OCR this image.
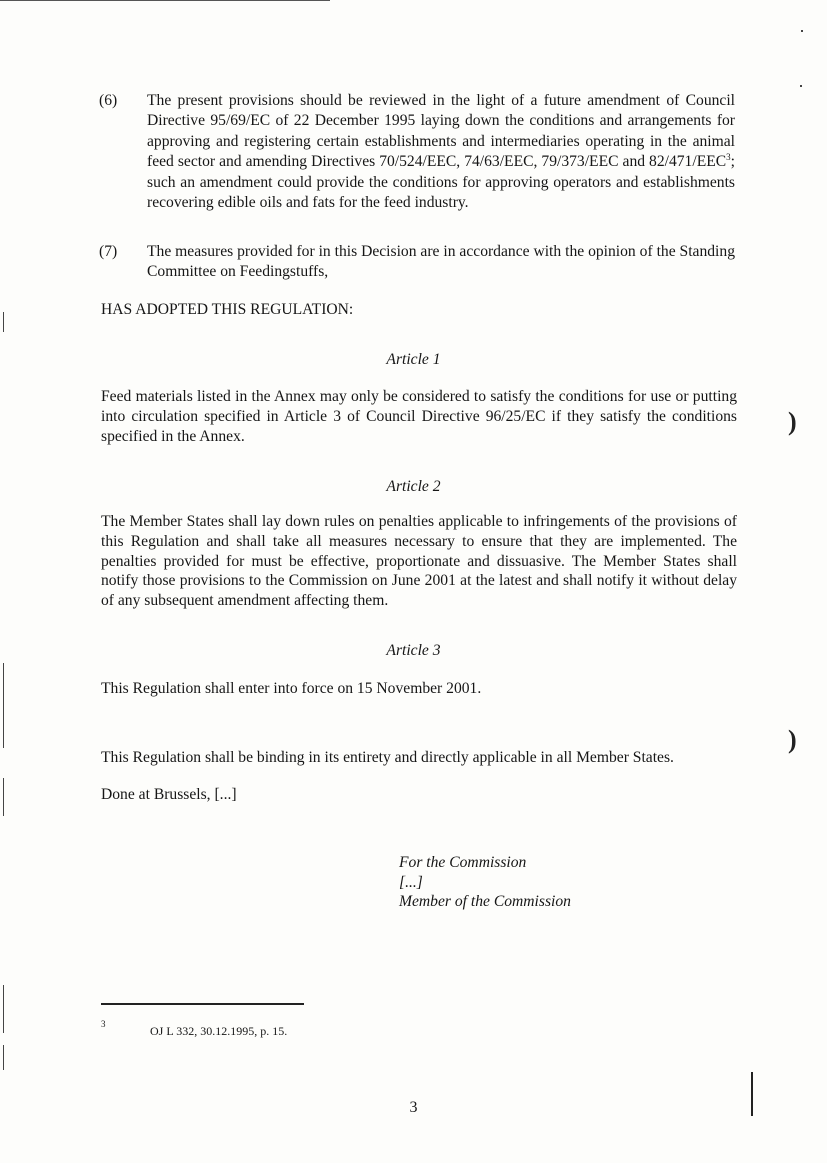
(6) The present provisions should be reviewed in the light of a future amendment of Council Directive 95/69/EC of 22 December 1995 laying down the conditions and arrangements for approving and registering certain establishments and intermediaries operating in the animal feed sector and amending Directives 70/524/EEC, 74/63/EEC, 79/373/EEC and 82/471/EEC$^3$; such an amendment could provide the conditions for approving operators and establishments recovering edible oils and fats for the feed industry.
(7) The measures provided for in this Decision are in accordance with the opinion of the Standing Committee on Feedingstuffs,
HAS ADOPTED THIS REGULATION:
Article 1
Feed materials listed in the Annex may only be considered to satisfy the conditions for use or putting into circulation specified in Article 3 of Council Directive 96/25/EC if they satisfy the conditions specified in the Annex.
Article 2
The Member States shall lay down rules on penalties applicable to infringements of the provisions of this Regulation and shall take all measures necessary to ensure that they are implemented. The penalties provided for must be effective, proportionate and dissuasive. The Member States shall notify those provisions to the Commission on June 2001 at the latest and shall notify it without delay of any subsequent amendment affecting them.
Article 3
This Regulation shall enter into force on 15 November 2001.
This Regulation shall be binding in its entirety and directly applicable in all Member States.
Done at Brussels, [...]
For the Commission
[...]
Member of the Commission
3	OJ L 332, 30.12.1995, p. 15.
3
)
)
